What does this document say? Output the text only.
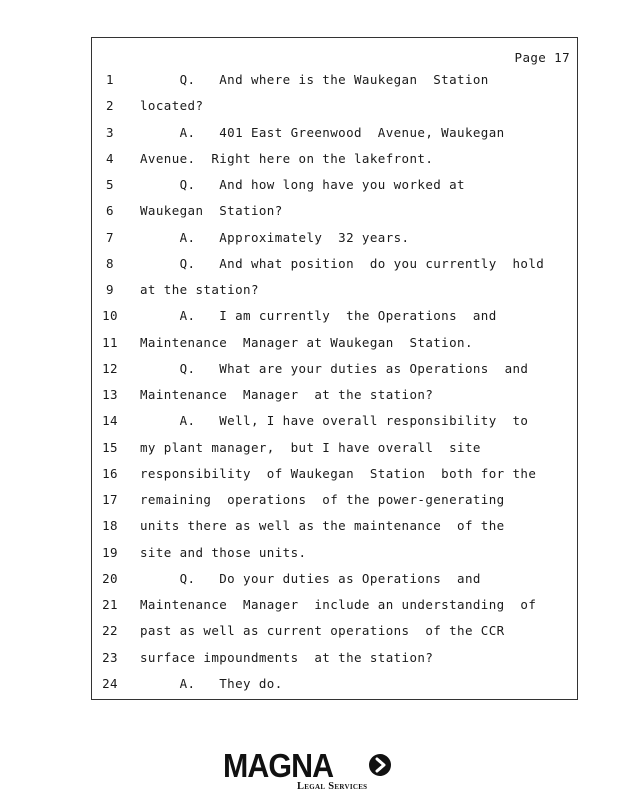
Page 17
1	Q.   And where is the Waukegan  Station
2	located?
3	A.   401 East Greenwood  Avenue, Waukegan
4	Avenue.  Right here on the lakefront.
5	Q.   And how long have you worked at
6	Waukegan  Station?
7	A.   Approximately  32 years.
8	Q.   And what position  do you currently  hold
9	at the station?
10	A.   I am currently  the Operations  and
11	Maintenance  Manager at Waukegan  Station.
12	Q.   What are your duties as Operations  and
13	Maintenance  Manager  at the station?
14	A.   Well, I have overall responsibility  to
15	my plant manager,  but I have overall  site
16	responsibility  of Waukegan  Station  both for the
17	remaining  operations  of the power-generating
18	units there as well as the maintenance  of the
19	site and those units.
20	Q.   Do your duties as Operations  and
21	Maintenance  Manager  include an understanding  of
22	past as well as current operations  of the CCR
23	surface impoundments  at the station?
24	A.   They do.
MAGNA
Legal Services
